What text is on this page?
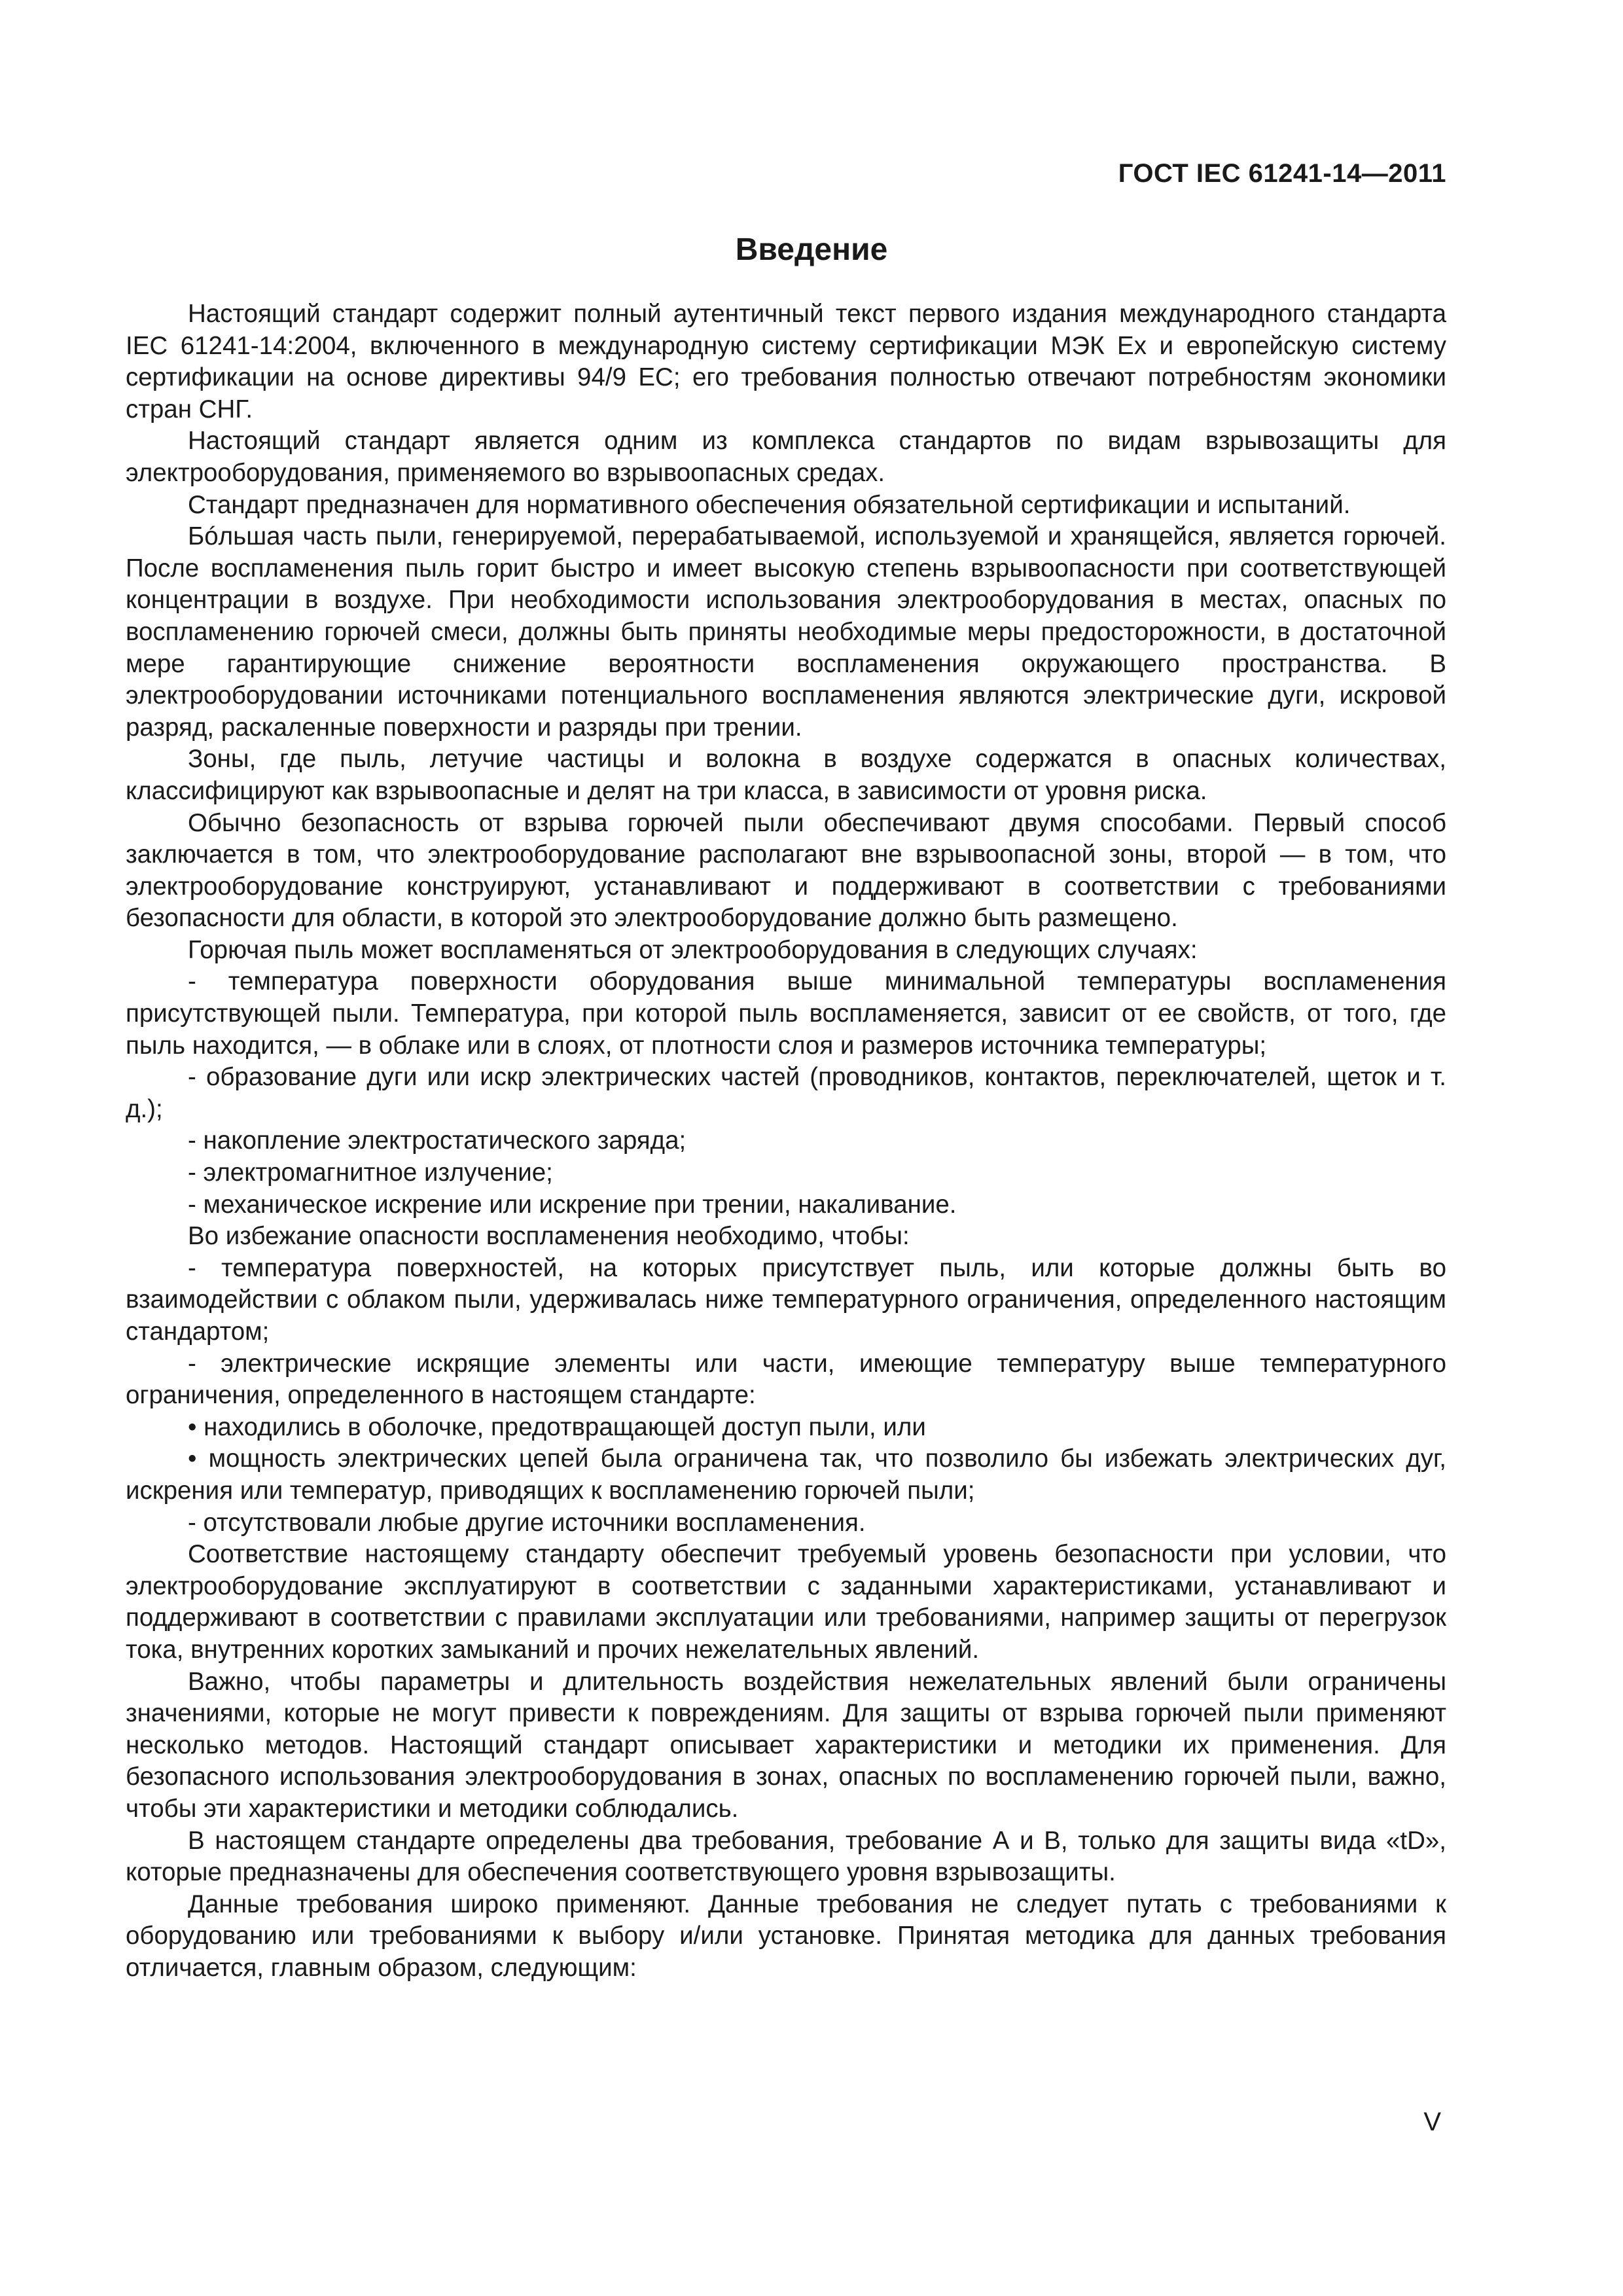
ГОСТ IEC 61241-14—2011
Введение

Настоящий стандарт содержит полный аутентичный текст первого издания международного стандарта IEC 61241-14:2004, включенного в международную систему сертификации МЭК Ex и европейскую систему сертификации на основе директивы 94/9 ЕС; его требования полностью отвечают потребностям экономики стран СНГ.

Настоящий стандарт является одним из комплекса стандартов по видам взрывозащиты для электрооборудования, применяемого во взрывоопасных средах.

Стандарт предназначен для нормативного обеспечения обязательной сертификации и испытаний.

Бóльшая часть пыли, генерируемой, перерабатываемой, используемой и хранящейся, является горючей. После воспламенения пыль горит быстро и имеет высокую степень взрывоопасности при соответствующей концентрации в воздухе. При необходимости использования электрооборудования в местах, опасных по воспламенению горючей смеси, должны быть приняты необходимые меры предосторожности, в достаточной мере гарантирующие снижение вероятности воспламенения окружающего пространства. В электрооборудовании источниками потенциального воспламенения являются электрические дуги, искровой разряд, раскаленные поверхности и разряды при трении.

Зоны, где пыль, летучие частицы и волокна в воздухе содержатся в опасных количествах, классифицируют как взрывоопасные и делят на три класса, в зависимости от уровня риска.

Обычно безопасность от взрыва горючей пыли обеспечивают двумя способами. Первый способ заключается в том, что электрооборудование располагают вне взрывоопасной зоны, второй — в том, что электрооборудование конструируют, устанавливают и поддерживают в соответствии с требованиями безопасности для области, в которой это электрооборудование должно быть размещено.

Горючая пыль может воспламеняться от электрооборудования в следующих случаях:

- температура поверхности оборудования выше минимальной температуры воспламенения присутствующей пыли. Температура, при которой пыль воспламеняется, зависит от ее свойств, от того, где пыль находится, — в облаке или в слоях, от плотности слоя и размеров источника температуры;

- образование дуги или искр электрических частей (проводников, контактов, переключателей, щеток и т. д.);

- накопление электростатического заряда;

- электромагнитное излучение;

- механическое искрение или искрение при трении, накаливание.

Во избежание опасности воспламенения необходимо, чтобы:

- температура поверхностей, на которых присутствует пыль, или которые должны быть во взаимодействии с облаком пыли, удерживалась ниже температурного ограничения, определенного настоящим стандартом;

- электрические искрящие элементы или части, имеющие температуру выше температурного ограничения, определенного в настоящем стандарте:

• находились в оболочке, предотвращающей доступ пыли, или

• мощность электрических цепей была ограничена так, что позволило бы избежать электрических дуг, искрения или температур, приводящих к воспламенению горючей пыли;

- отсутствовали любые другие источники воспламенения.

Соответствие настоящему стандарту обеспечит требуемый уровень безопасности при условии, что электрооборудование эксплуатируют в соответствии с заданными характеристиками, устанавливают и поддерживают в соответствии с правилами эксплуатации или требованиями, например защиты от перегрузок тока, внутренних коротких замыканий и прочих нежелательных явлений.

Важно, чтобы параметры и длительность воздействия нежелательных явлений были ограничены значениями, которые не могут привести к повреждениям. Для защиты от взрыва горючей пыли применяют несколько методов. Настоящий стандарт описывает характеристики и методики их применения. Для безопасного использования электрооборудования в зонах, опасных по воспламенению горючей пыли, важно, чтобы эти характеристики и методики соблюдались.

В настоящем стандарте определены два требования, требование А и В, только для защиты вида «tD», которые предназначены для обеспечения соответствующего уровня взрывозащиты.

Данные требования широко применяют. Данные требования не следует путать с требованиями к оборудованию или требованиями к выбору и/или установке. Принятая методика для данных требования отличается, главным образом, следующим:

V
